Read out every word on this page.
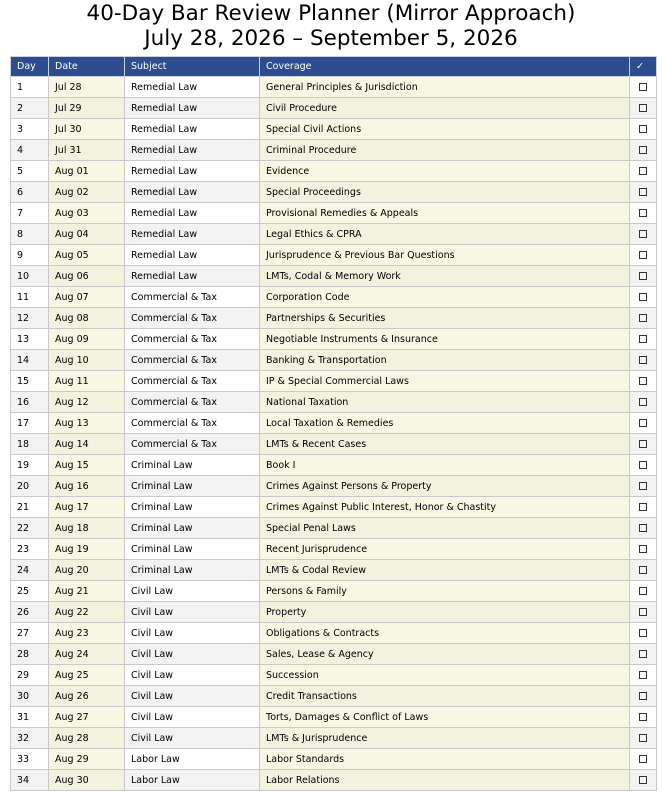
40-Day Bar Review Planner (Mirror Approach)
July 28, 2026 – September 5, 2026
Day	Date	Subject	Coverage	✓
1	Jul 28	Remedial Law	General Principles & Jurisdiction	
2	Jul 29	Remedial Law	Civil Procedure	
3	Jul 30	Remedial Law	Special Civil Actions	
4	Jul 31	Remedial Law	Criminal Procedure	
5	Aug 01	Remedial Law	Evidence	
6	Aug 02	Remedial Law	Special Proceedings	
7	Aug 03	Remedial Law	Provisional Remedies & Appeals	
8	Aug 04	Remedial Law	Legal Ethics & CPRA	
9	Aug 05	Remedial Law	Jurisprudence & Previous Bar Questions	
10	Aug 06	Remedial Law	LMTs, Codal & Memory Work	
11	Aug 07	Commercial & Tax	Corporation Code	
12	Aug 08	Commercial & Tax	Partnerships & Securities	
13	Aug 09	Commercial & Tax	Negotiable Instruments & Insurance	
14	Aug 10	Commercial & Tax	Banking & Transportation	
15	Aug 11	Commercial & Tax	IP & Special Commercial Laws	
16	Aug 12	Commercial & Tax	National Taxation	
17	Aug 13	Commercial & Tax	Local Taxation & Remedies	
18	Aug 14	Commercial & Tax	LMTs & Recent Cases	
19	Aug 15	Criminal Law	Book I	
20	Aug 16	Criminal Law	Crimes Against Persons & Property	
21	Aug 17	Criminal Law	Crimes Against Public Interest, Honor & Chastity	
22	Aug 18	Criminal Law	Special Penal Laws	
23	Aug 19	Criminal Law	Recent Jurisprudence	
24	Aug 20	Criminal Law	LMTs & Codal Review	
25	Aug 21	Civil Law	Persons & Family	
26	Aug 22	Civil Law	Property	
27	Aug 23	Civil Law	Obligations & Contracts	
28	Aug 24	Civil Law	Sales, Lease & Agency	
29	Aug 25	Civil Law	Succession	
30	Aug 26	Civil Law	Credit Transactions	
31	Aug 27	Civil Law	Torts, Damages & Conflict of Laws	
32	Aug 28	Civil Law	LMTs & Jurisprudence	
33	Aug 29	Labor Law	Labor Standards	
34	Aug 30	Labor Law	Labor Relations	
